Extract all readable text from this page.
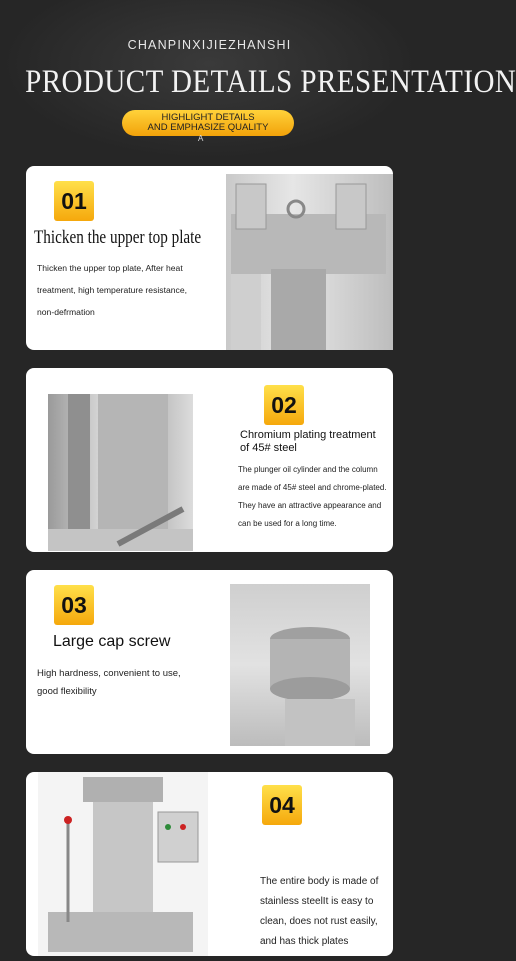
CHANPINXIJIEZHANSHI
PRODUCT DETAILS PRESENTATION
HIGHLIGHT DETAILS
AND EMPHASIZE QUALITY
A
01
Thicken the upper top plate
Thicken the upper top plate, After heat
treatment, high temperature resistance,
non-defrmation
02
Chromium plating treatment
of 45# steel
The plunger oil cylinder and the column
are made of 45# steel and chrome-plated.
They have an attractive appearance and
can be used for a long time.
03
Large cap screw
High hardness, convenient to use,
good flexibility
04
The entire body is made of
stainless steelIt is easy to
clean, does not rust easily,
and has thick plates
